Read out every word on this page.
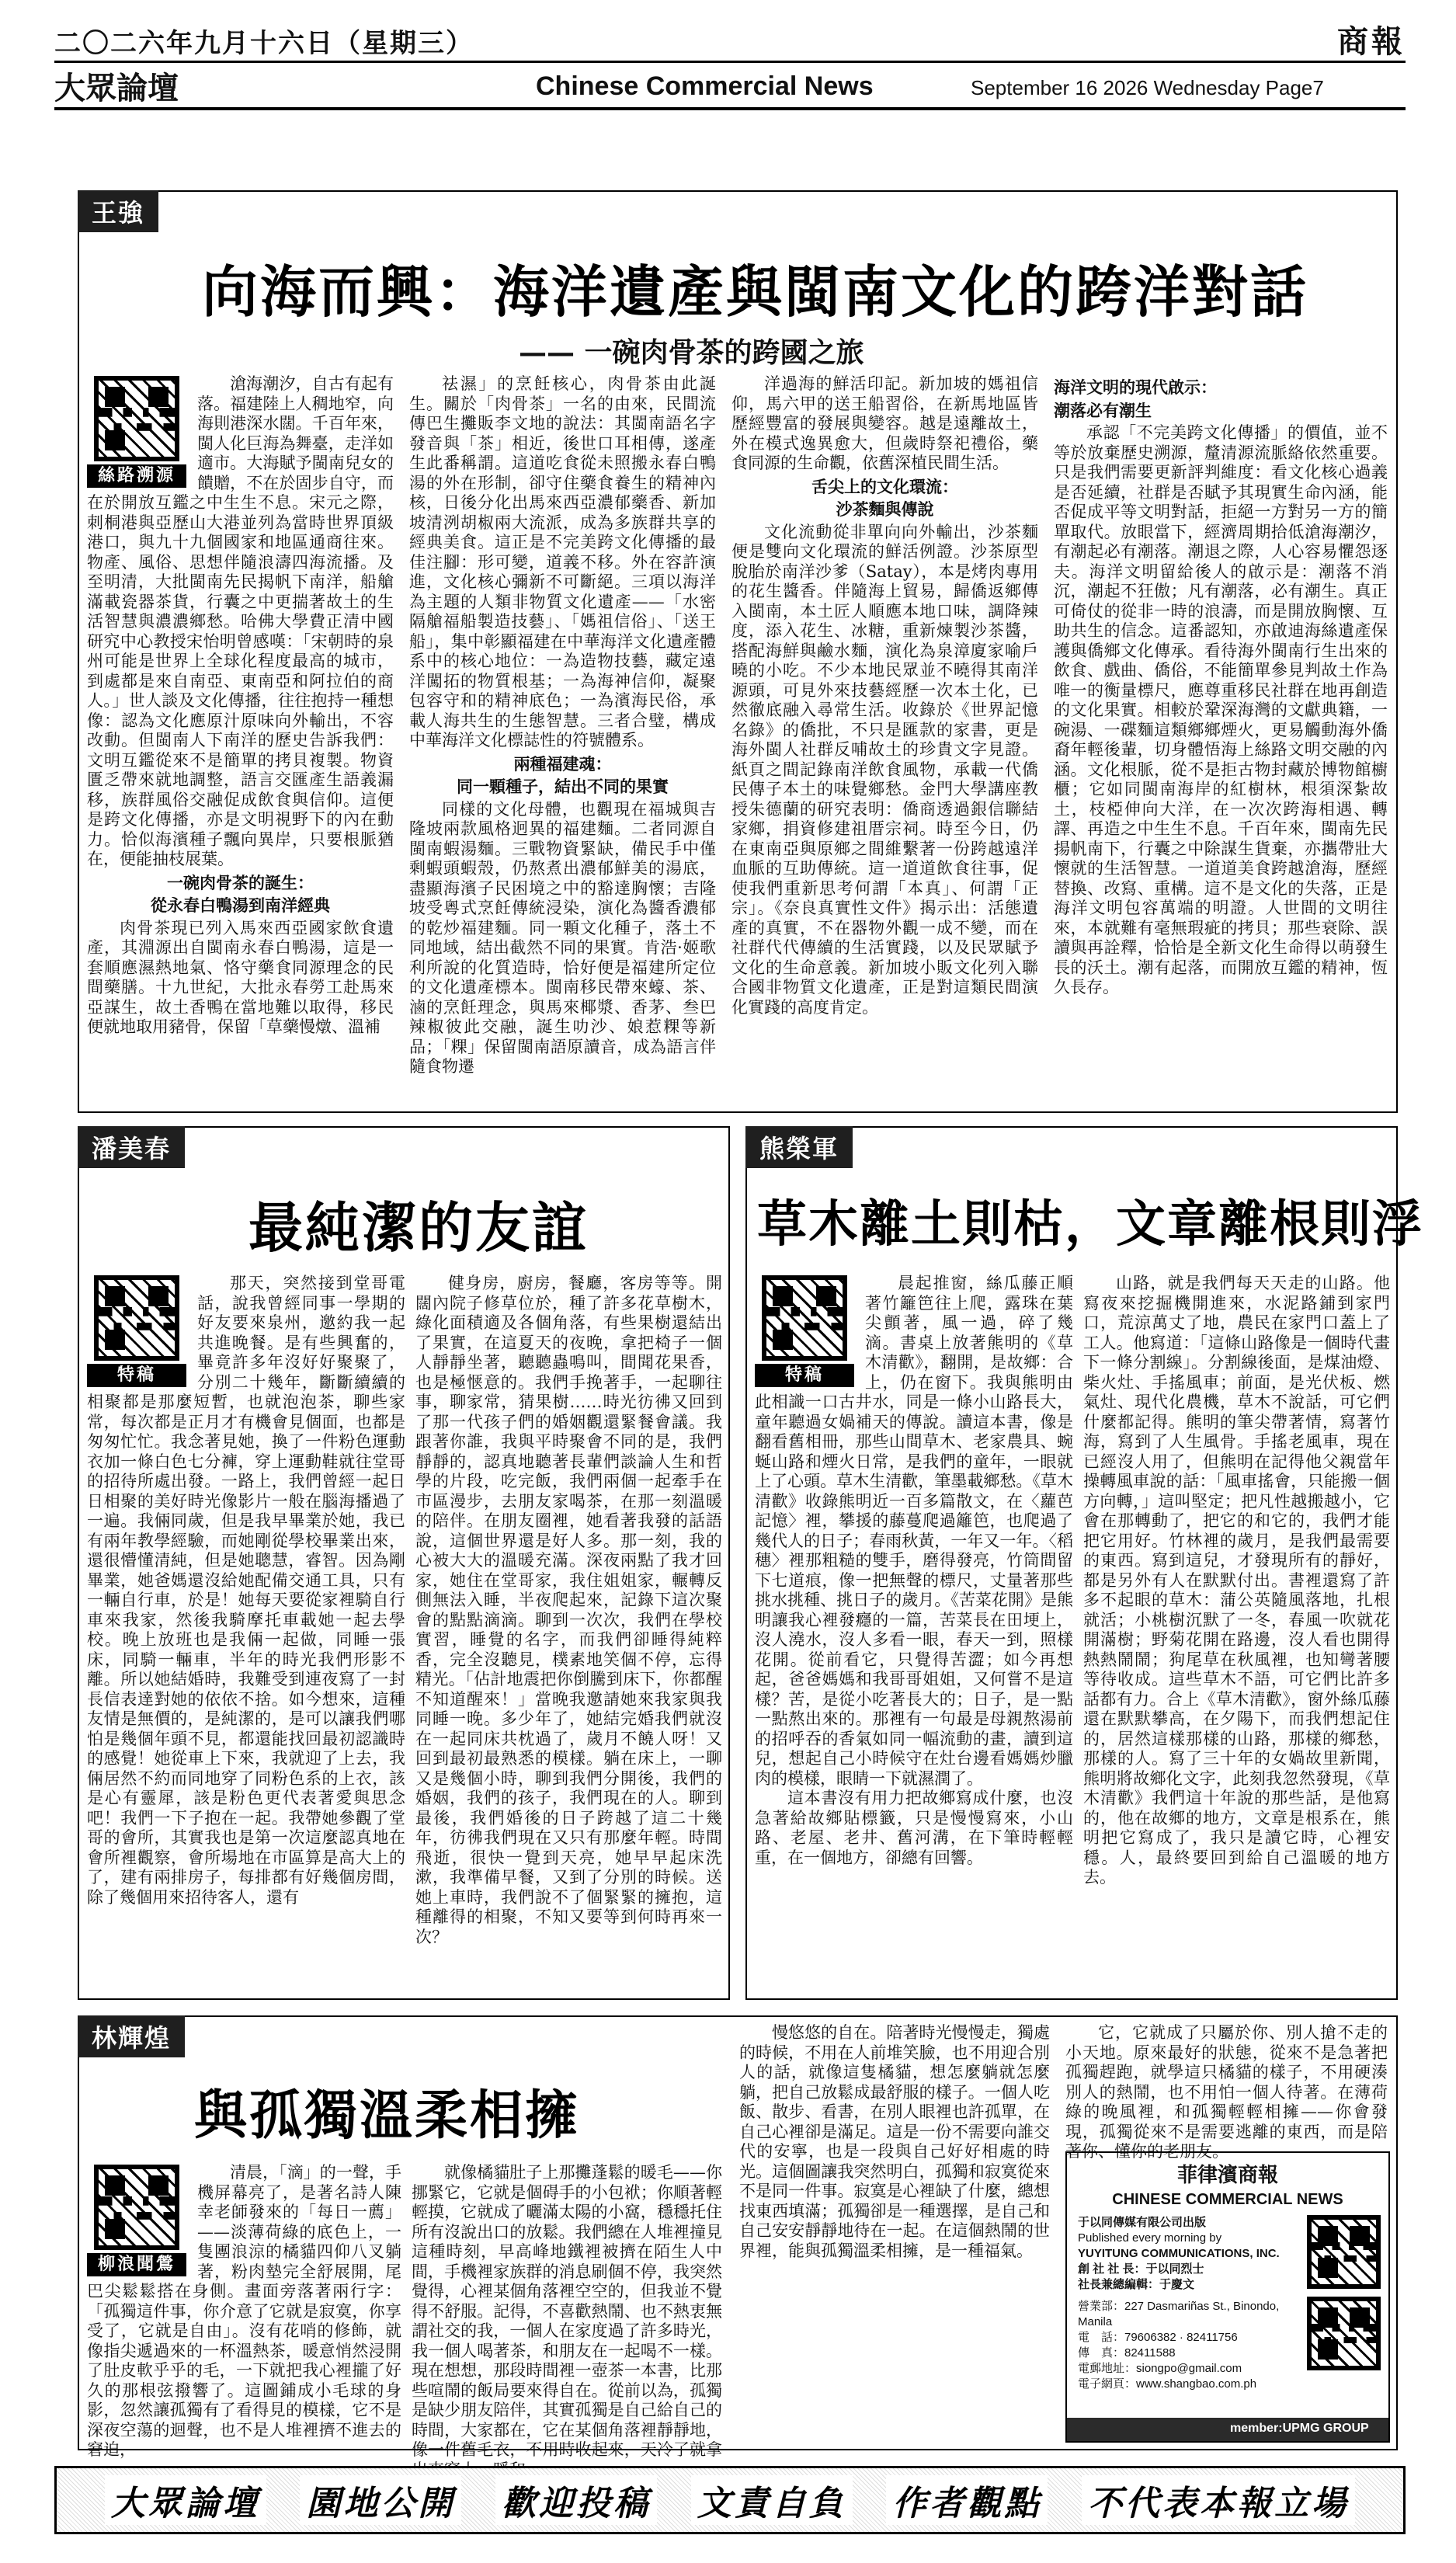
二〇二六年九月十六日（星期三）	商報
大眾論壇	Chinese Commercial News	September 16 2026 Wednesday Page7
王強
向海而興：海洋遺產與閩南文化的跨洋對話
—— 一碗肉骨茶的跨國之旅
絲路溯源

滄海潮汐，自古有起有落。福建陸上人稠地窄，向海則港深水闊。千百年來，閩人化巨海為舞臺，走洋如適市。大海賦予閩南兒女的饋贈，不在於固步自守，而在於開放互鑑之中生生不息。宋元之際，刺桐港與亞歷山大港並列為當時世界頂級港口，與九十九個國家和地區通商往來。物產、風俗、思想伴隨浪濤四海流播。及至明清，大批閩南先民揭帆下南洋，船艙滿載瓷器茶貨，行囊之中更揣著故土的生活智慧與濃濃鄉愁。哈佛大學費正清中國研究中心教授宋怡明曾感嘆：「宋朝時的泉州可能是世界上全球化程度最高的城市，到處都是來自南亞、東南亞和阿拉伯的商人。」世人談及文化傳播，往往抱持一種想像：認為文化應原汁原味向外輸出，不容改動。但閩南人下南洋的歷史告訴我們：文明互鑑從來不是簡單的拷貝複製。物資匱乏帶來就地調整，語言交匯產生語義漏移，族群風俗交融促成飲食與信仰。這便是跨文化傳播，亦是文明視野下的內在動力。恰似海濱種子飄向異岸，只要根脈猶在，便能抽枝展葉。

一碗肉骨茶的誕生：
從永春白鴨湯到南洋經典

肉骨茶現已列入馬來西亞國家飲食遺產，其淵源出自閩南永春白鴨湯，這是一套順應濕熱地氣、恪守藥食同源理念的民間藥膳。十九世紀，大批永春勞工赴馬來亞謀生，故土香鴨在當地難以取得，移民便就地取用豬骨，保留「草藥慢燉、溫補

祛濕」的烹飪核心，肉骨茶由此誕生。關於「肉骨茶」一名的由來，民間流傳巴生攤販李文地的說法：其閩南語名字發音與「茶」相近，後世口耳相傳，遂產生此番稱謂。這道吃食從未照搬永春白鴨湯的外在形制，卻守住藥食養生的精神內核，日後分化出馬來西亞濃郁藥香、新加坡清洌胡椒兩大流派，成為多族群共享的經典美食。這正是不完美跨文化傳播的最佳注腳：形可變，道義不移。外在容許演進，文化核心彌新不可斷絕。三項以海洋為主題的人類非物質文化遺產——「水密隔艙福船製造技藝」、「媽祖信俗」、「送王船」，集中彰顯福建在中華海洋文化遺產體系中的核心地位：一為造物技藝，藏定遠洋闖拓的物質根基；一為海神信仰，凝聚包容守和的精神底色；一為濱海民俗，承載人海共生的生態智慧。三者合璧，構成中華海洋文化標誌性的符號體系。

兩種福建魂：
同一顆種子，結出不同的果實

同樣的文化母體，也觀現在福城與吉隆坡兩款風格迥異的福建麵。二者同源自閩南蝦湯麵。三戰物資緊缺，備民手中僅剩蝦頭蝦殼，仍熬煮出濃郁鮮美的湯底，盡顯海濱子民困境之中的豁達胸懷；吉隆坡受粵式烹飪傳統浸染，演化為醬香濃郁的乾炒福建麵。同一顆文化種子，落土不同地域，結出截然不同的果實。肯浩·姬歌利所說的化質造時，恰好便是福建所定位的文化遺產標本。閩南移民帶來蠔、茶、滷的烹飪理念，與馬來椰漿、香茅、叁巴辣椒彼此交融，誕生叻沙、娘惹粿等新品；「粿」保留閩南語原讀音，成為語言伴隨食物遷

洋過海的鮮活印記。新加坡的媽祖信仰，馬六甲的送王船習俗，在新馬地區皆歷經豐富的發展與變容。越是遠離故土，外在模式逸異愈大，但歲時祭祀禮俗，藥食同源的生命觀，依舊深植民間生活。

舌尖上的文化環流：
沙茶麵與傳說

文化流動從非單向向外輸出，沙茶麵便是雙向文化環流的鮮活例證。沙茶原型脫胎於南洋沙爹（Satay），本是烤肉專用的花生醬香。伴隨海上貿易，歸僑返鄉傳入閩南，本土匠人順應本地口味，調降辣度，添入花生、冰糖，重新煉製沙茶醬，搭配海鮮與鹼水麵，演化為泉漳廈家喻戶曉的小吃。不少本地民眾並不曉得其南洋源頭，可見外來技藝經歷一次本土化，已然徹底融入尋常生活。收錄於《世界記憶名錄》的僑批，不只是匯款的家書，更是海外閩人社群反哺故土的珍貴文字見證。紙頁之間記錄南洋飲食風物，承載一代僑民傳子本土的味覺鄉愁。金門大學講座教授朱德蘭的研究表明：僑商透過銀信聯結家鄉，捐資修建祖厝宗祠。時至今日，仍在東南亞與原鄉之間維繫著一份跨越遠洋血脈的互助傳統。這一道道飲食往事，促使我們重新思考何謂「本真」、何謂「正宗」。《奈良真實性文件》揭示出：活態遺產的真實，不在器物外觀一成不變，而在社群代代傳續的生活實踐，以及民眾賦予文化的生命意義。新加坡小販文化列入聯合國非物質文化遺產，正是對這類民間演化實踐的高度肯定。

海洋文明的現代啟示：
潮落必有潮生

承認「不完美跨文化傳播」的價值，並不等於放棄歷史溯源，釐清源流脈絡依然重要。只是我們需要更新評判維度：看文化核心過義是否延續，社群是否賦予其現實生命內涵，能否促成平等文明對話，拒絕一方對另一方的簡單取代。放眼當下，經濟周期拾低滄海潮汐，有潮起必有潮落。潮退之際，人心容易懼怨逐夫。海洋文明留給後人的啟示是：潮落不消沉，潮起不狂傲；凡有潮落，必有潮生。真正可倚仗的從非一時的浪濤，而是開放胸懷、互助共生的信念。這番認知，亦啟迪海絲遺產保護與僑鄉文化傳承。看待海外閩南行生出來的飲食、戲曲、僑俗，不能簡單參見判故土作為唯一的衡量標尺，應尊重移民社群在地再創造的文化果實。相較於鞏深海灣的文獻典籍，一碗湯、一碟麵這類鄉鄉煙火，更易觸動海外僑裔年輕後輩，切身體悟海上絲路文明交融的內涵。文化根脈，從不是拒古物封藏於博物館櫥櫃；它如同閩南海岸的紅樹林，根須深紮故土，枝椏伸向大洋，在一次次跨海相遇、轉譯、再造之中生生不息。千百年來，閩南先民揚帆南下，行囊之中除謀生貨棄，亦攜帶壯大懷就的生活智慧。一道道美食跨越滄海，歷經替換、改寫、重構。這不是文化的失落，正是海洋文明包容萬端的明證。人世間的文明往來，本就難有毫無瑕疵的拷貝；那些衰除、誤讀與再詮釋，恰恰是全新文化生命得以萌發生長的沃土。潮有起落，而開放互鑑的精神，恆久長存。

潘美春
最純潔的友誼
特稿

那天，突然接到堂哥電話，說我曾經同事一學期的好友要來泉州，邀約我一起共進晚餐。是有些興奮的，畢竟許多年沒好好聚聚了，分別二十幾年，斷斷續續的相聚都是那麼短暫，也就泡泡茶，聊些家常，每次都是正月才有機會見個面，也都是匆匆忙忙。我念著見她，換了一件粉色運動衣加一條白色七分褲，穿上運動鞋就往堂哥的招待所處出發。一路上，我們曾經一起日日相聚的美好時光像影片一般在腦海播過了一遍。我倆同歲，但是我早畢業於她，我已有兩年教學經驗，而她剛從學校畢業出來，還很懵懂清純，但是她聰慧，睿智。因為剛畢業，她爸媽還沒給她配備交通工具，只有一輛自行車，於是！她每天要從家裡騎自行車來我家，然後我騎摩托車載她一起去學校。晚上放班也是我倆一起做，同睡一張床，同騎一輛車，半年的時光我們形影不離。所以她結婚時，我難受到連夜寫了一封長信表達對她的依依不捨。如今想來，這種友情是無價的，是純潔的，是可以讓我們哪怕是幾個年頭不見，都還能找回最初認識時的感覺！她從車上下來，我就迎了上去，我倆居然不約而同地穿了同粉色系的上衣，該是心有靈犀，該是粉色更代表著愛與思念吧！我們一下子抱在一起。我帶她參觀了堂哥的會所，其實我也是第一次這麼認真地在會所裡觀察，會所場地在市區算是高大上的了，建有兩排房子，每排都有好幾個房間，除了幾個用來招待客人，還有

健身房，廚房，餐廳，客房等等。開闊內院子修草位於，種了許多花草樹木，綠化面積適及各個角落，有些果樹還結出了果實，在這夏天的夜晚，拿把椅子一個人靜靜坐著，聽聽蟲鳴叫，間聞花果香，也是極惬意的。我們手挽著手，一起聊往事，聊家常，猜果樹……時光彷彿又回到了那一代孩子們的婚姻觀還緊餐會議。我跟著你誰，我與平時聚會不同的是，我們靜靜的，認真地聽著長輩們談論人生和哲學的片段，吃完飯，我們兩個一起牽手在市區漫步，去朋友家喝茶，在那一刻溫暖的陪伴。在朋友圈裡，她看著我發的話語說，這個世界還是好人多。那一刻，我的心被大大的溫暖充滿。深夜兩點了我才回家，她住在堂哥家，我住姐姐家，輾轉反側無法入睡，半夜爬起來，記錄下這次聚會的點點滴滴。聊到一次次，我們在學校實習，睡覺的名字，而我們卻睡得純粹香，完全沒聽見，樸素地笑個不停，忘得精光。「佔計地震把你倒騰到床下，你都醒不知道醒來！」當晚我邀請她來我家與我同睡一晚。多少年了，她結完婚我們就沒在一起同床共枕過了，歲月不饒人呀！又回到最初最熟悉的模樣。躺在床上，一聊又是幾個小時，聊到我們分開後，我們的婚姻，我們的孩子，我們現在的人。聊到最後，我們婚後的日子跨越了這二十幾年，彷彿我們現在又只有那麼年輕。時間飛逝，很快一覺到天亮，她早早起床洗漱，我準備早餐，又到了分別的時候。送她上車時，我們說不了個緊緊的擁抱，這種離得的相聚，不知又要等到何時再來一次？

熊榮軍
草木離土則枯，文章離根則浮
特稿

晨起推窗，絲瓜藤正順著竹籬笆往上爬，露珠在葉尖顫著，風一過，碎了幾滴。書桌上放著熊明的《草木清歡》，翻開，是故鄉：合上，仍在窗下。我與熊明由此相識一口古井水，同是一條小山路長大，童年聽過女媧補天的傳說。讀這本書，像是翻看舊相冊，那些山間草木、老家農具、蜿蜒山路和煙火日常，是我們的童年，一眼就上了心頭。草木生清歡，筆墨載鄉愁。《草木清歡》收錄熊明近一百多篇散文，在〈蘿芭記憶〉裡，攀援的藤蔓爬過籬笆，也爬過了幾代人的日子；春雨秋黃，一年又一年。〈稻穗〉裡那粗糙的雙手，磨得發亮，竹筒間留下七道痕，像一把無聲的標尺，丈量著那些挑水挑種、挑日子的歲月。《苦菜花開》是熊明讓我心裡發癮的一篇，苦菜長在田埂上，沒人澆水，沒人多看一眼，春天一到，照樣花開。從前看它，只覺得苦澀；如今再想起，爸爸媽媽和我哥哥姐姐，又何嘗不是這樣？苦，是從小吃著長大的；日子，是一點一點熬出來的。那裡有一句最是母親熬湯前的招呼吞的香氣如同一幅流動的畫，讀到這兒，想起自己小時候守在灶台邊看媽媽炒臘肉的模樣，眼睛一下就濕潤了。

這本書沒有用力把故鄉寫成什麼，也沒急著給故鄉貼標籤，只是慢慢寫來，小山路、老屋、老井、舊河溝，在下筆時輕輕重，在一個地方，卻總有回響。

山路，就是我們每天天走的山路。他寫夜來挖掘機開進來，水泥路鋪到家門口，荒涼萬丈了地，農民在家門口蓋上了工人。他寫道：「這條山路像是一個時代畫下一條分割線」。分割線後面，是煤油燈、柴火灶、手搖風車；前面，是光伏板、燃氣灶、現代化農機，草木不說話，可它們什麼都記得。熊明的筆尖帶著情，寫著竹海，寫到了人生風骨。手搖老風車，現在已經沒人用了，但熊明在記得他父親當年操轉風車說的話：「風車搖會，只能搬一個方向轉，」這叫堅定；把凡性越搬越小，它會在那轉動了，把它的和它的，我們才能把它用好。竹林裡的歲月，是我們最需要的東西。寫到這兒，才發現所有的靜好，都是另外有人在默默付出。書裡還寫了許多不起眼的草木：蒲公英隨風落地，扎根就活；小桃樹沉默了一冬，春風一吹就花開滿樹；野菊花開在路邊，沒人看也開得熱熱鬧鬧；狗尾草在秋風裡，也知彎著腰等待收成。這些草木不語，可它們比許多話都有力。合上《草木清歡》，窗外絲瓜藤還在默默攀高，在夕陽下，而我們想記住的，居然這樣那樣的山路，那樣的鄉愁，那樣的人。寫了三十年的女媧故里新聞，熊明將故鄉化文字，此刻我忽然發現，《草木清歡》我們這十年說的那些話，是他寫的，他在故鄉的地方，文章是根系在，熊明把它寫成了，我只是讀它時，心裡安穩。人，最終要回到給自己溫暖的地方去。

林輝煌
與孤獨溫柔相擁
柳浪聞鶯

清晨，「滴」的一聲，手機屏幕亮了，是著名詩人陳幸老師發來的「每日一薦」——淡薄荷綠的底色上，一隻團浪涼的橘貓四仰八叉躺著，粉肉墊完全舒展開，尾巴尖鬆鬆搭在身側。畫面旁落著兩行字：「孤獨這件事，你介意了它就是寂寞，你享受了，它就是自由」。沒有花哨的修飾，就像指尖遞過來的一杯溫熱茶，暖意悄然浸開了肚皮軟乎乎的毛，一下就把我心裡攏了好久的那根弦撥響了。這圖鋪成小毛球的身影，忽然讓孤獨有了看得見的模樣，它不是深夜空蕩的迴聲，也不是人堆裡擠不進去的窘迫，

就像橘貓肚子上那攤蓬鬆的暖毛——你挪緊它，它就是個碍手的小包袱；你順著輕輕摸，它就成了曬滿太陽的小窩，穩穩托住所有沒說出口的放鬆。我們總在人堆裡撞見這種時刻，早高峰地鐵裡被擠在陌生人中間，手機裡家族群的消息刷個不停，我突然覺得，心裡某個角落裡空空的，但我並不覺得不舒服。記得，不喜歡熱鬧、也不熱衷無謂社交的我，一個人在家度過了許多時光，我一個人喝著茶，和朋友在一起喝不一樣。現在想想，那段時間裡一壺茶一本書，比那些喧鬧的飯局要來得自在。從前以為，孤獨是缺少朋友陪伴，其實孤獨是自己給自己的時間，大家都在，它在某個角落裡靜靜地，像一件舊毛衣，不用時收起來，天冷了就拿

慢悠悠的自在。陪著時光慢慢走，獨處的時候，不用在人前堆笑臉，也不用迎合別人的話，就像這隻橘貓，想怎麼躺就怎麼躺，把自己放鬆成最舒服的樣子。一個人吃飯、散步、看書，在別人眼裡也許孤單，在自己心裡卻是滿足。這是一份不需要向誰交代的安寧，也是一段與自己好好相處的時光。這個圖讓我突然明白，孤獨和寂寞從來不是同一件事。寂寞是心裡缺了什麼，總想找東西填滿；孤獨卻是一種選擇，是自己和自己安安靜靜地待在一起。在這個熱鬧的世界裡，能與孤獨溫柔相擁，是一種福氣。

它，它就成了只屬於你、別人搶不走的小天地。原來最好的狀態，從來不是急著把孤獨趕跑，就學這只橘貓的樣子，不用硬湊別人的熱鬧，也不用怕一個人待著。在薄荷綠的晚風裡，和孤獨輕輕相擁——你會發現，孤獨從來不是需要逃離的東西，而是陪著你、懂你的老朋友。

菲律濱商報
CHINESE COMMERCIAL NEWS
于以同傳媒有限公司出版
Published every morning by
YUYITUNG COMMUNICATIONS, INC.
創 社 社 長：于以同烈士
社長兼總編輯：于慶文
營業部：227 Dasmariñas St., Binondo, Manila
電　話：79606382 · 82411756
傳　真：82411588
電郵地址：siongpo@gmail.com
電子網頁：www.shangbao.com.ph
member:UPMG GROUP
大眾論壇 園地公開 歡迎投稿 文責自負 作者觀點 不代表本報立場
